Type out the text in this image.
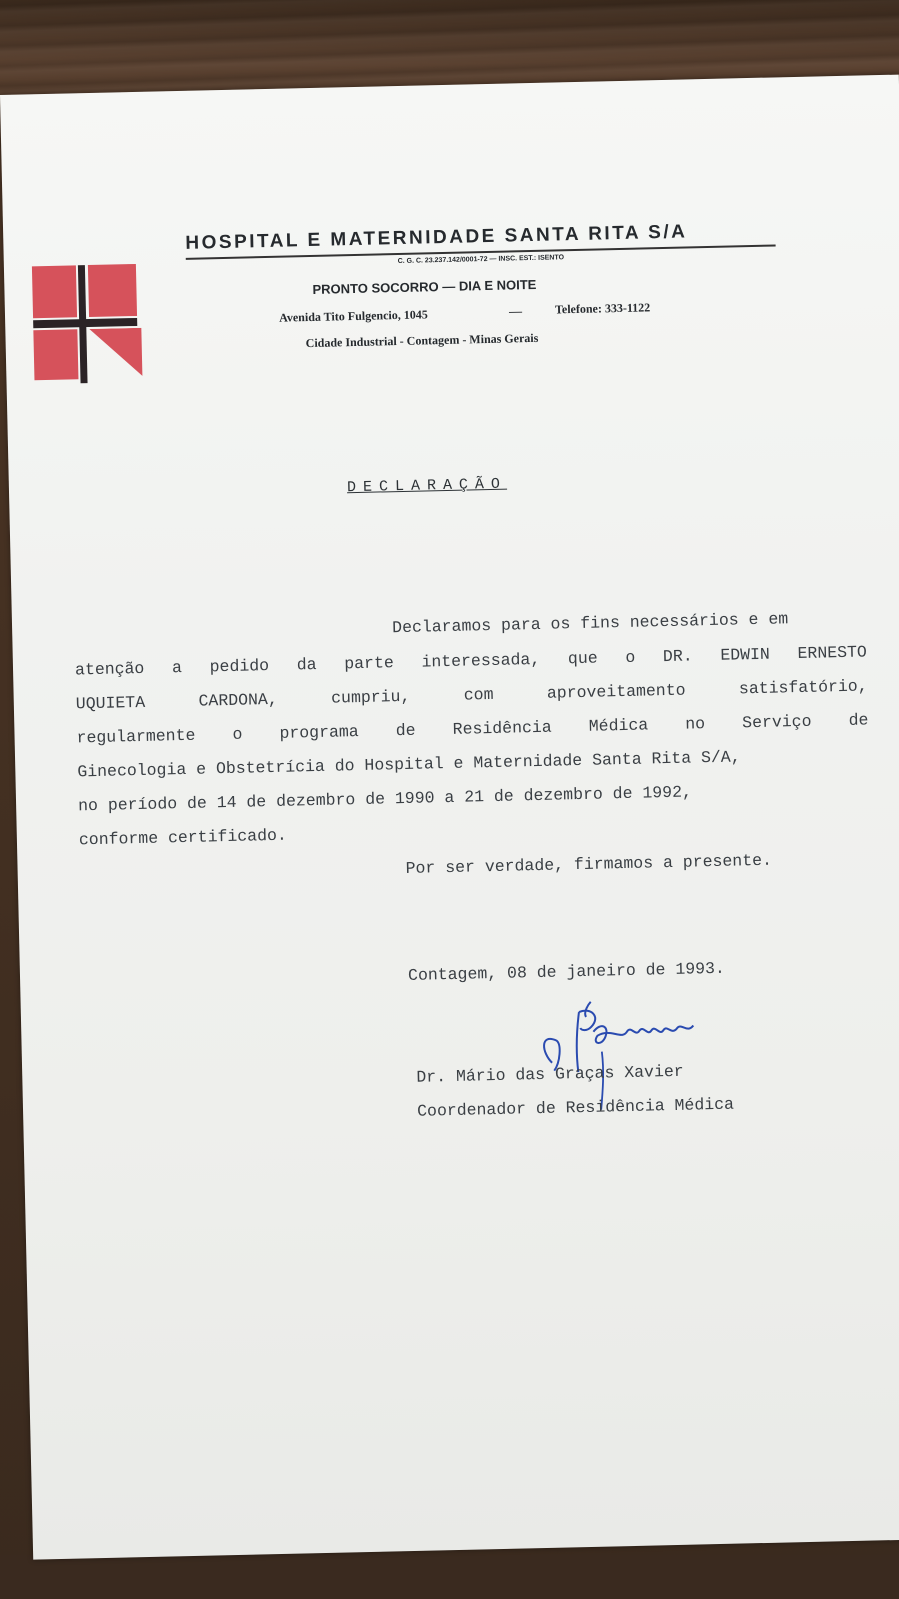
HOSPITAL E MATERNIDADE SANTA RITA S/A
C. G. C. 23.237.142/0001-72 — INSC. EST.: ISENTO
PRONTO SOCORRO — DIA E NOITE
Avenida Tito Fulgencio, 1045	—	Telefone: 333-1122
Cidade Industrial - Contagem - Minas Gerais
DECLARAÇÃO
Declaramos para os fins necessários e em
atenção a pedido da parte interessada, que o DR. EDWIN ERNESTO
UQUIETA CARDONA, cumpriu, com aproveitamento satisfatório,
regularmente o programa de Residência Médica no Serviço de
Ginecologia e Obstetrícia do Hospital e Maternidade Santa Rita S/A,
no período de 14 de dezembro de 1990 a 21 de dezembro de 1992,
conforme certificado.
Por ser verdade, firmamos a presente.
Contagem, 08 de janeiro de 1993.
Dr. Mário das Graças Xavier
Coordenador de Residência Médica
